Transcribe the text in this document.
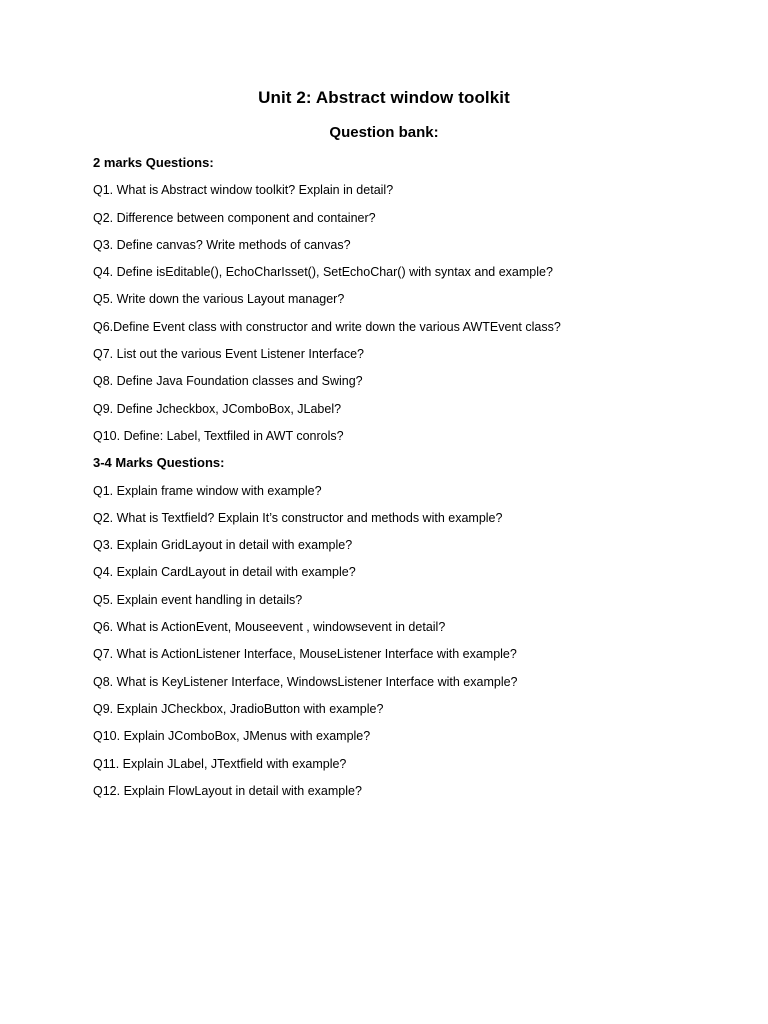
Unit 2: Abstract window toolkit
Question bank:
2 marks Questions:
Q1. What is Abstract window toolkit? Explain in detail?
Q2. Difference between component and container?
Q3. Define canvas? Write methods of canvas?
Q4. Define isEditable(), EchoCharIsset(), SetEchoChar() with syntax and example?
Q5. Write down the various Layout manager?
Q6.Define Event class with constructor and write down the various AWTEvent class?
Q7. List out the various Event Listener Interface?
Q8. Define Java Foundation classes and Swing?
Q9. Define Jcheckbox, JComboBox, JLabel?
Q10. Define: Label, Textfiled in AWT conrols?
3-4 Marks Questions:
Q1. Explain frame window with example?
Q2. What is Textfield? Explain It’s constructor and methods with example?
Q3. Explain GridLayout in detail with example?
Q4. Explain CardLayout in detail with example?
Q5. Explain event handling in details?
Q6. What is ActionEvent, Mouseevent , windowsevent in detail?
Q7. What is ActionListener Interface, MouseListener Interface with example?
Q8. What is KeyListener Interface, WindowsListener Interface with example?
Q9. Explain JCheckbox, JradioButton with example?
Q10. Explain JComboBox, JMenus with example?
Q11. Explain JLabel, JTextfield with example?
Q12. Explain FlowLayout in detail with example?
